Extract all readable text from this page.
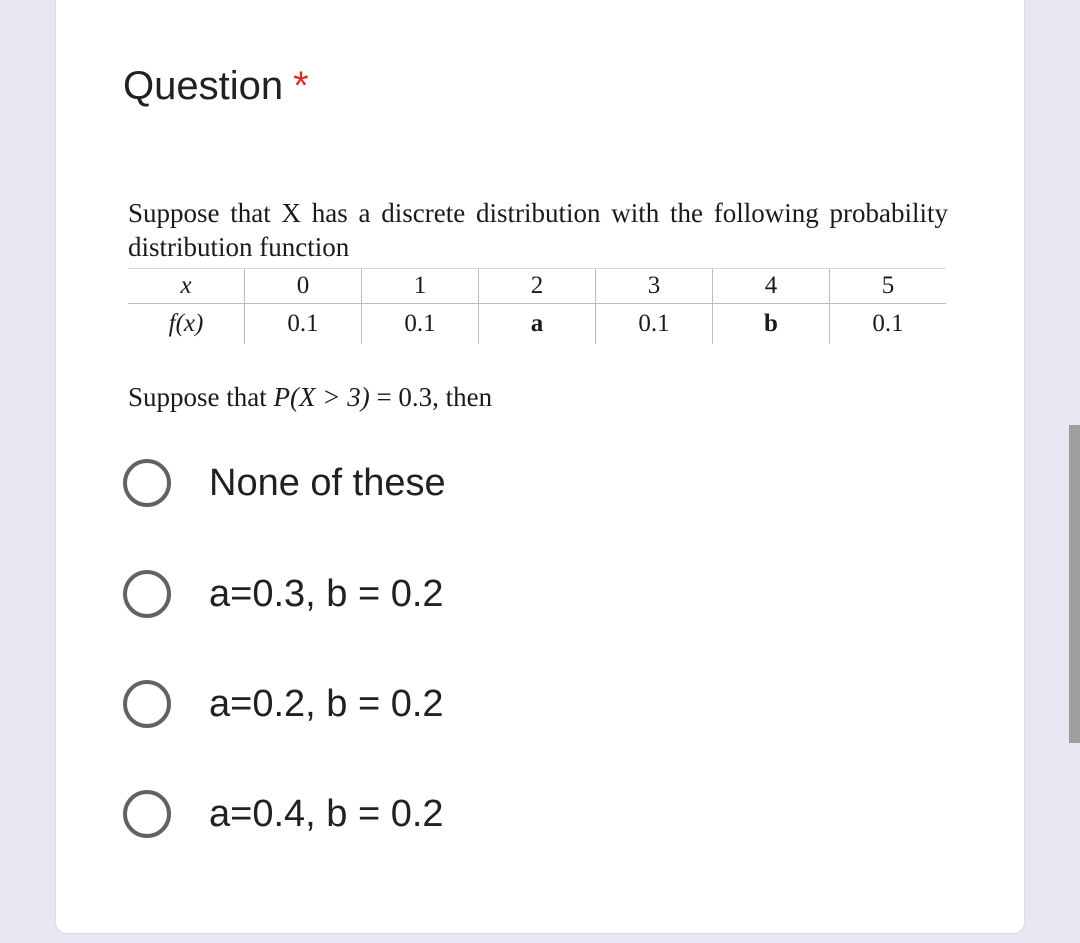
Question *

Suppose that X has a discrete distribution with the following probability distribution function

x	0	1	2	3	4	5
f(x)	0.1	0.1	a	0.1	b	0.1
Suppose that P(X > 3) = 0.3, then
None of these
a=0.3, b = 0.2
a=0.2, b = 0.2
a=0.4, b = 0.2
